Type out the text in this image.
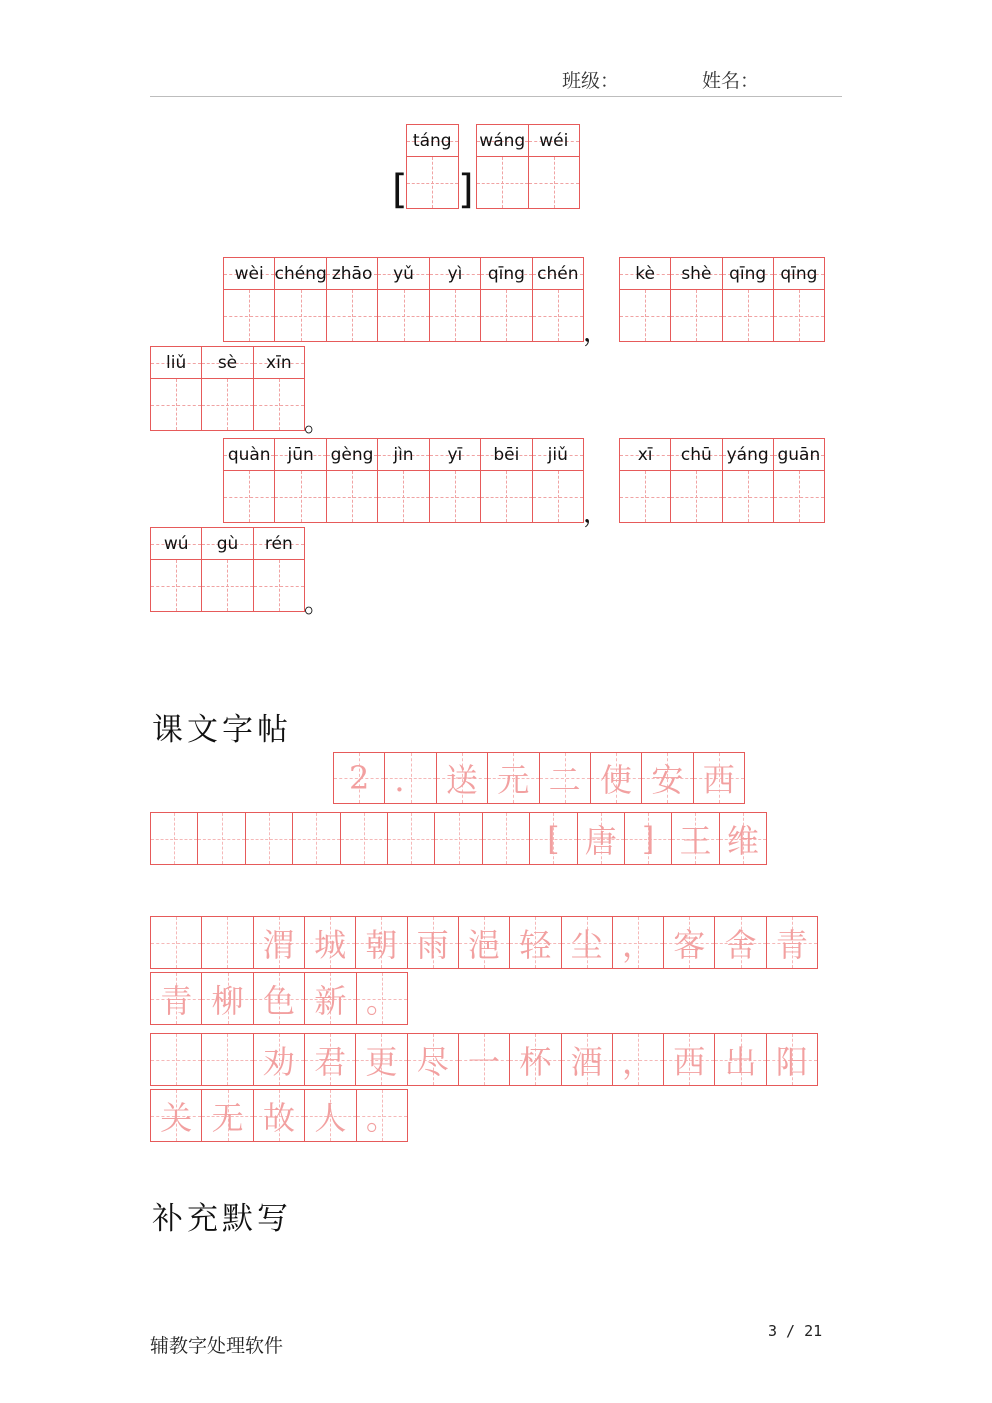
班级：	姓名：
[
táng
]
wáng wéi
wèi chéng zhāo yǔ yì qīng chén
，
kè shè qīng qīng
liǔ sè xīn
。
quàn jūn gèng jìn yī bēi jiǔ
，
xī chū yáng guān
wú gù rén
。
课文字帖
2 ． 送 元 二 使 安 西
[ 唐 ] 王 维
渭 城 朝 雨 浥 轻 尘 ， 客 舍 青
青 柳 色 新 。
劝 君 更 尽 一 杯 酒 ， 西 出 阳
关 无 故 人 。
补充默写
辅教字处理软件
3 / 21
